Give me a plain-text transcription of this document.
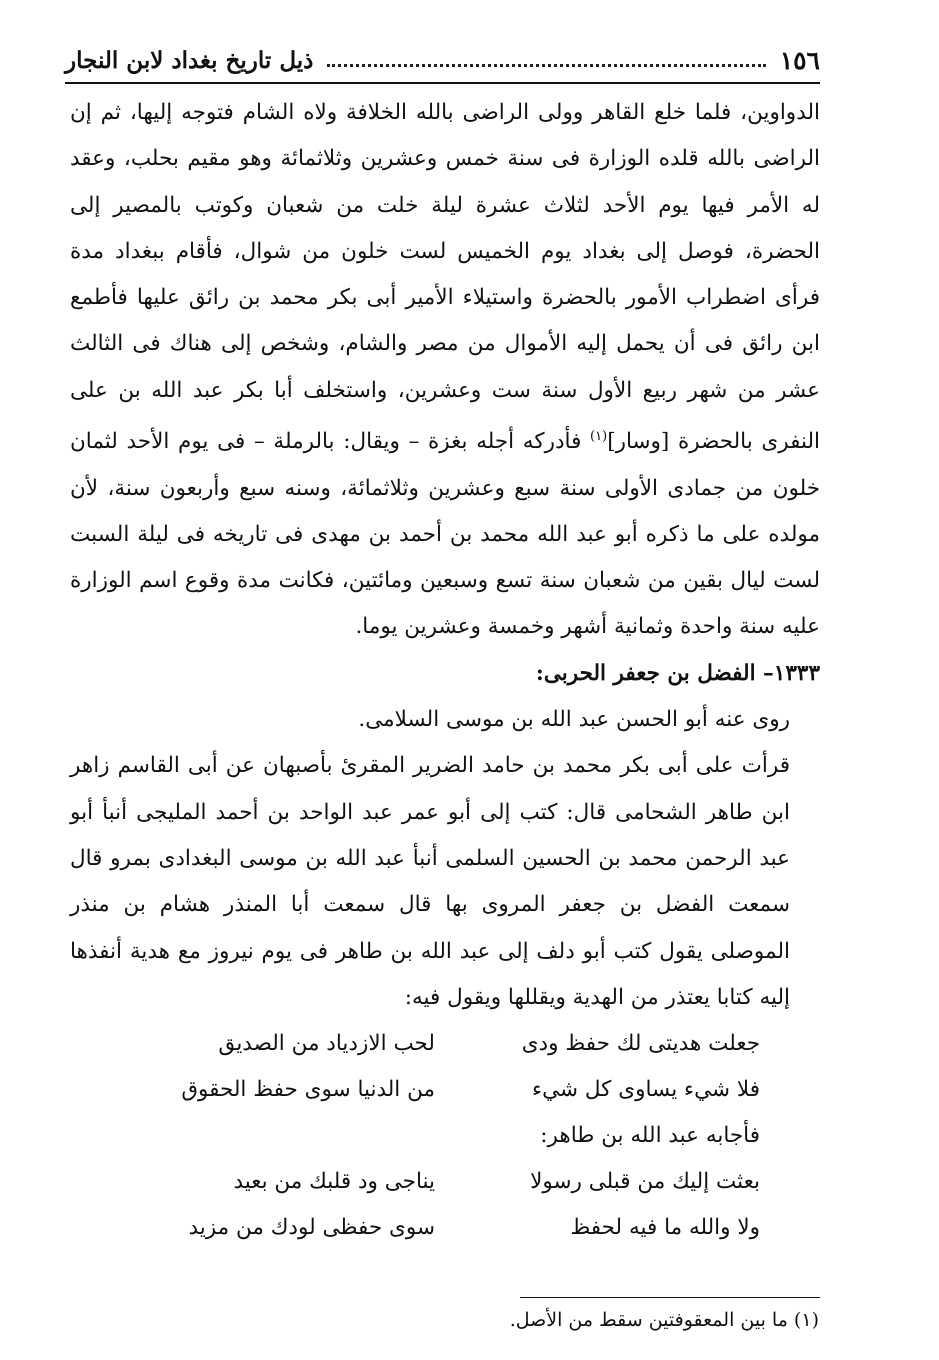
١٥٦
ذيل تاريخ بغداد لابن النجار

الدواوين، فلما خلع القاهر وولى الراضى بالله الخلافة ولاه الشام فتوجه إليها، ثم إن الراضى بالله قلده الوزارة فى سنة خمس وعشرين وثلاثمائة وهو مقيم بحلب، وعقد له الأمر فيها يوم الأحد لثلاث عشرة ليلة خلت من شعبان وكوتب بالمصير إلى الحضرة، فوصل إلى بغداد يوم الخميس لست خلون من شوال، فأقام ببغداد مدة فرأى اضطراب الأمور بالحضرة واستيلاء الأمير أبى بكر محمد بن رائق عليها فأطمع ابن رائق فى أن يحمل إليه الأموال من مصر والشام، وشخص إلى هناك فى الثالث عشر من شهر ربيع الأول سنة ست وعشرين، واستخلف أبا بكر عبد الله بن على النفرى بالحضرة [وسار]$^{(١)}$ فأدركه أجله بغزة – ويقال: بالرملة – فى يوم الأحد لثمان خلون من جمادى الأولى سنة سبع وعشرين وثلاثمائة، وسنه سبع وأربعون سنة، لأن مولده على ما ذكره أبو عبد الله محمد بن أحمد بن مهدى فى تاريخه فى ليلة السبت لست ليال بقين من شعبان سنة تسع وسبعين ومائتين، فكانت مدة وقوع اسم الوزارة عليه سنة واحدة وثمانية أشهر وخمسة وعشرين يوما.

١٣٣٣– الفضل بن جعفر الحربى:

روى عنه أبو الحسن عبد الله بن موسى السلامى.

قرأت على أبى بكر محمد بن حامد الضرير المقرئ بأصبهان عن أبى القاسم زاهر ابن طاهر الشحامى قال: كتب إلى أبو عمر عبد الواحد بن أحمد المليجى أنبأ أبو عبد الرحمن محمد بن الحسين السلمى أنبأ عبد الله بن موسى البغدادى بمرو قال سمعت الفضل بن جعفر المروى بها قال سمعت أبا المنذر هشام بن منذر الموصلى يقول كتب أبو دلف إلى عبد الله بن طاهر فى يوم نيروز مع هدية أنفذها إليه كتابا يعتذر من الهدية ويقللها ويقول فيه:

جعلت هديتى لك حفظ ودى
لحب الازدياد من الصديق
فلا شيء يساوى كل شيء
من الدنيا سوى حفظ الحقوق

فأجابه عبد الله بن طاهر:

بعثت إليك من قبلى رسولا
يناجى ود قلبك من بعيد
ولا والله ما فيه لحفظ
سوى حفظى لودك من مزيد
(١) ما بين المعقوفتين سقط من الأصل.
